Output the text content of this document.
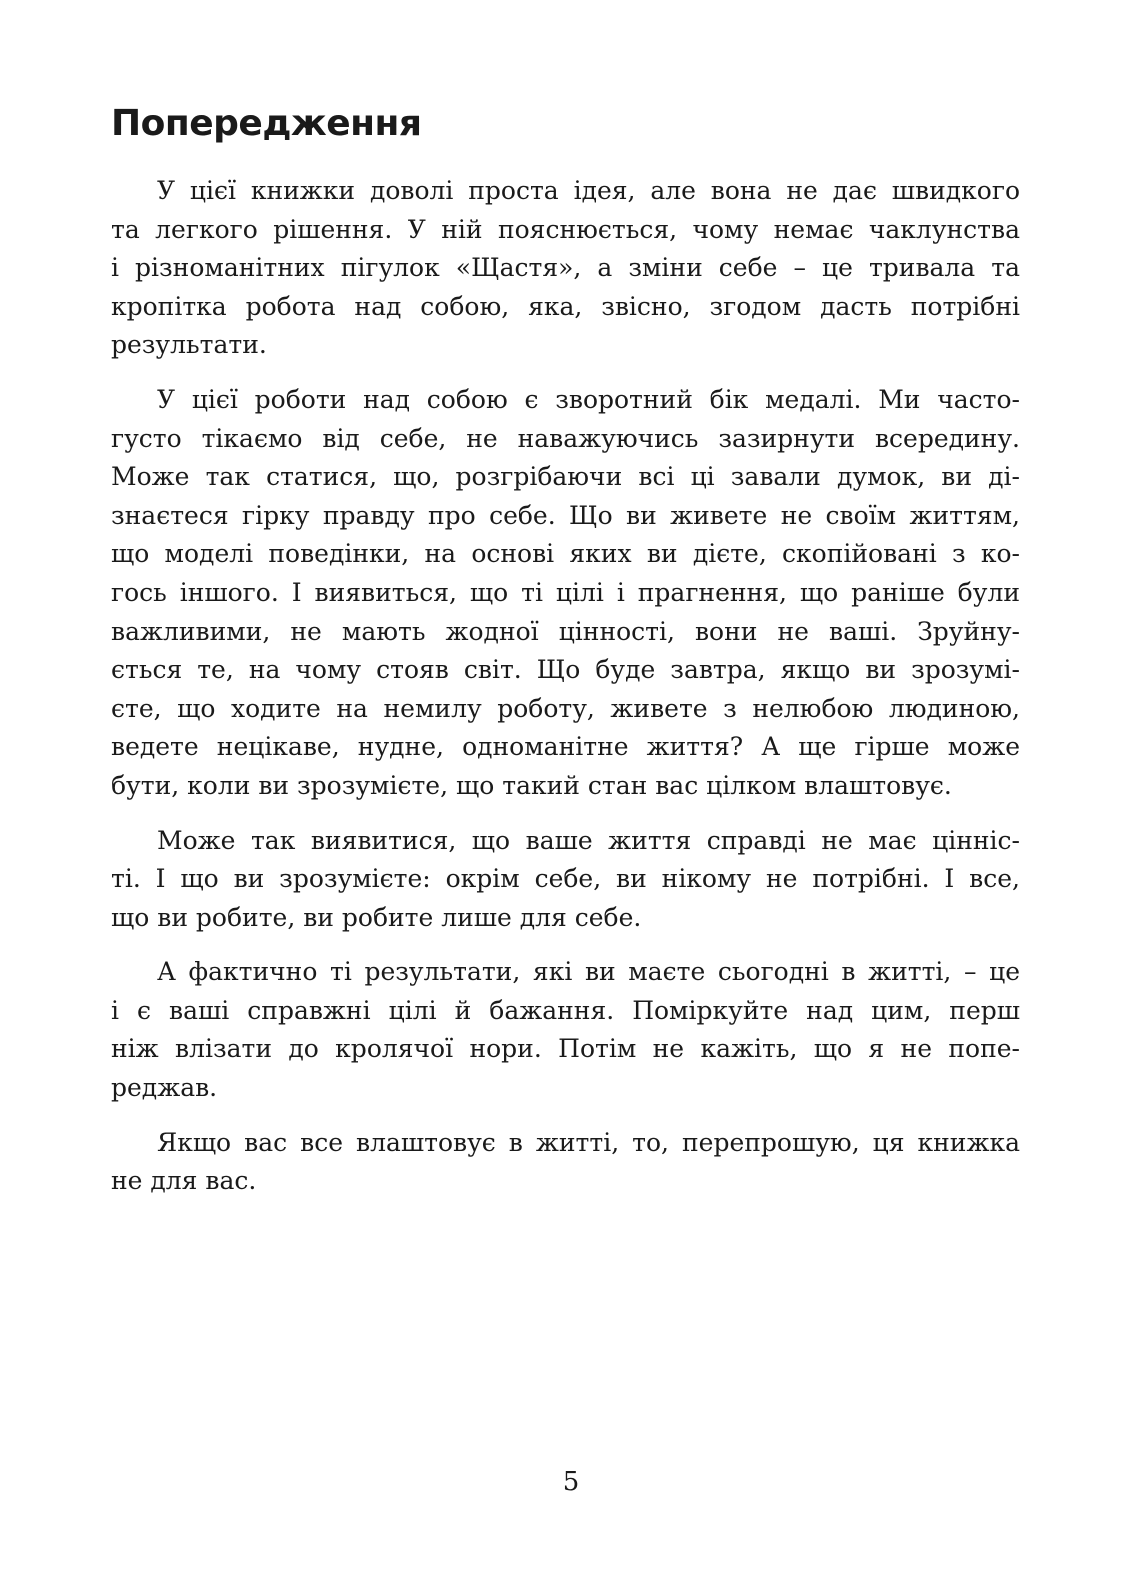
Попередження

У цієї книжки доволі проста ідея, але вона не дає швидкого
та легкого рішення. У ній пояснюється, чому немає чаклунства
і різноманітних пігулок «Щастя», а зміни себе – це тривала та
кропітка робота над собою, яка, звісно, згодом дасть потрібні
результати.

У цієї роботи над собою є зворотний бік медалі. Ми часто-
густо тікаємо від себе, не наважуючись зазирнути всередину.
Може так статися, що, розгрібаючи всі ці завали думок, ви ді-
знаєтеся гірку правду про себе. Що ви живете не своїм життям,
що моделі поведінки, на основі яких ви дієте, скопійовані з ко-
гось іншого. І виявиться, що ті цілі і прагнення, що раніше були
важливими, не мають жодної цінності, вони не ваші. Зруйну-
ється те, на чому стояв світ. Що буде завтра, якщо ви зрозумі-
єте, що ходите на немилу роботу, живете з нелюбою людиною,
ведете нецікаве, нудне, одноманітне життя? А ще гірше може
бути, коли ви зрозумієте, що такий стан вас цілком влаштовує.

Може так виявитися, що ваше життя справді не має цінніс-
ті. І що ви зрозумієте: окрім себе, ви нікому не потрібні. І все,
що ви робите, ви робите лише для себе.

А фактично ті результати, які ви маєте сьогодні в житті, – це
і є ваші справжні цілі й бажання. Поміркуйте над цим, перш
ніж влізати до кролячої нори. Потім не кажіть, що я не попе-
реджав.

Якщо вас все влаштовує в житті, то, перепрошую, ця книжка
не для вас.

5
